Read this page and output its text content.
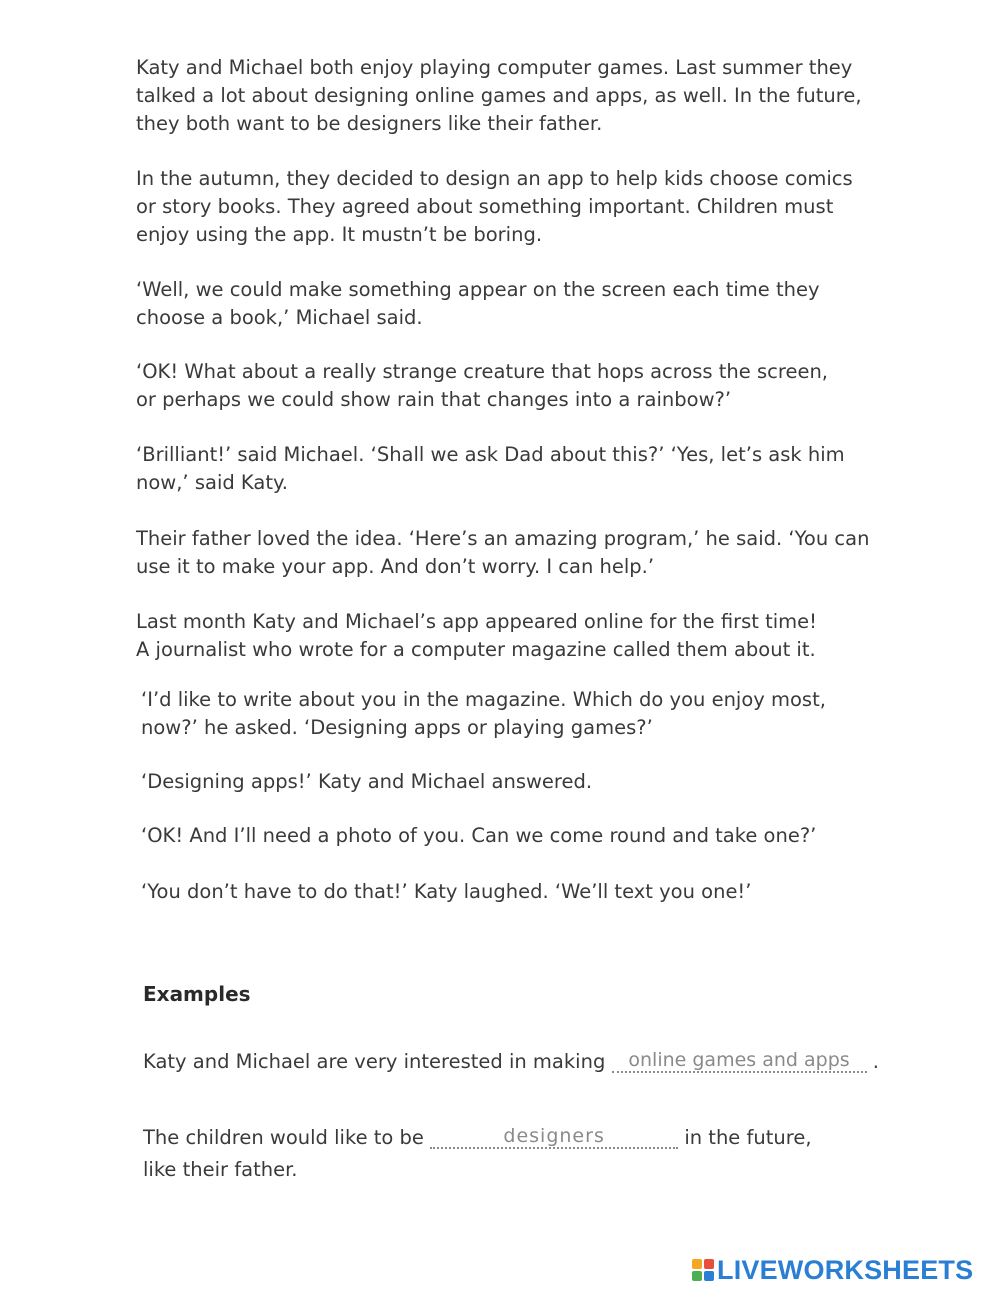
Katy and Michael both enjoy playing computer games. Last summer they
talked a lot about designing online games and apps, as well. In the future,
they both want to be designers like their father.

In the autumn, they decided to design an app to help kids choose comics
or story books. They agreed about something important. Children must
enjoy using the app. It mustn’t be boring.

‘Well, we could make something appear on the screen each time they
choose a book,’ Michael said.

‘OK! What about a really strange creature that hops across the screen,
or perhaps we could show rain that changes into a rainbow?’

‘Brilliant!’ said Michael. ‘Shall we ask Dad about this?’ ‘Yes, let’s ask him
now,’ said Katy.

Their father loved the idea. ‘Here’s an amazing program,’ he said. ‘You can
use it to make your app. And don’t worry. I can help.’

Last month Katy and Michael’s app appeared online for the first time!
A journalist who wrote for a computer magazine called them about it.

‘I’d like to write about you in the magazine. Which do you enjoy most,
now?’ he asked. ‘Designing apps or playing games?’

‘Designing apps!’ Katy and Michael answered.

‘OK! And I’ll need a photo of you. Can we come round and take one?’

‘You don’t have to do that!’ Katy laughed. ‘We’ll text you one!’

Examples
Katy and Michael are very interested in making online games and apps .
The children would like to be	designers	in the future,
like their father.
LIVEWORKSHEETS
